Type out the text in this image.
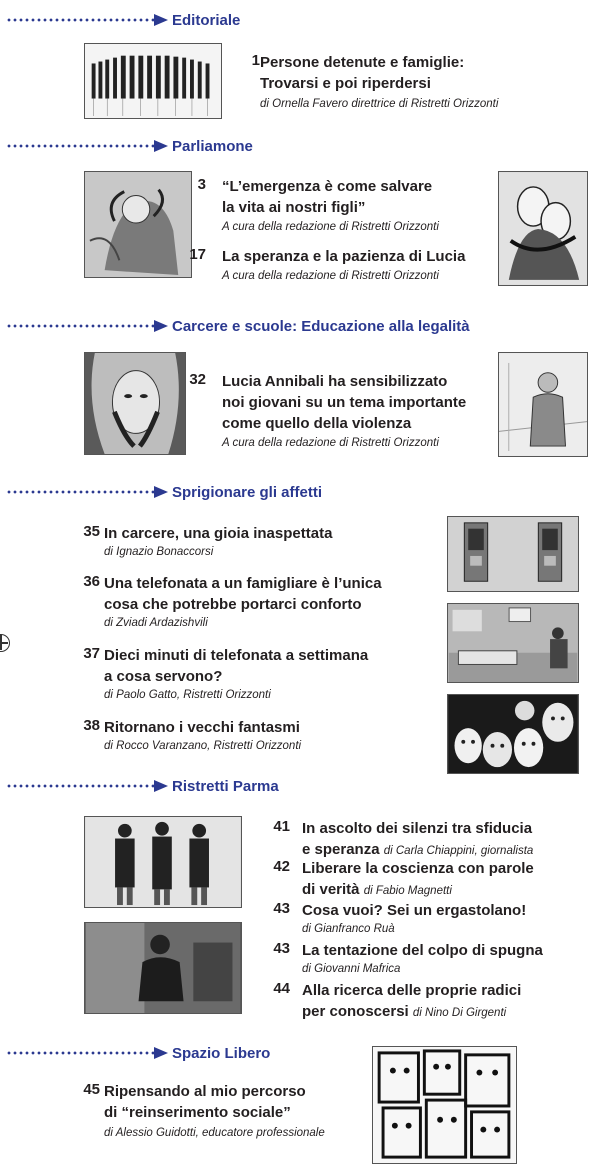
Editoriale
1 Persone detenute e famiglie:
Trovarsi e poi riperdersi
di Ornella Favero direttrice di Ristretti Orizzonti
Parliamone
3 “L’emergenza è come salvare
la vita ai nostri figli”
A cura della redazione di Ristretti Orizzonti
17 La speranza e la pazienza di Lucia
A cura della redazione di Ristretti Orizzonti
Carcere e scuole: Educazione alla legalità
32 Lucia Annibali ha sensibilizzato
noi giovani su un tema importante
come quello della violenza
A cura della redazione di Ristretti Orizzonti
Sprigionare gli affetti
35 In carcere, una gioia inaspettata
di Ignazio Bonaccorsi
36 Una telefonata a un famigliare è l’unica
cosa che potrebbe portarci conforto
di Zviadi Ardazishvili
37 Dieci minuti di telefonata a settimana
a cosa servono?
di Paolo Gatto, Ristretti Orizzonti
38 Ritornano i vecchi fantasmi
di Rocco Varanzano, Ristretti Orizzonti
Ristretti Parma
41 In ascolto dei silenzi tra sfiducia
e speranza di Carla Chiappini, giornalista
42 Liberare la coscienza con parole
di verità di Fabio Magnetti
43 Cosa vuoi? Sei un ergastolano!
di Gianfranco Ruà
43 La tentazione del colpo di spugna
di Giovanni Mafrica
44 Alla ricerca delle proprie radici
per conoscersi di Nino Di Girgenti
Spazio Libero
45 Ripensando al mio percorso
di “reinserimento sociale”
di Alessio Guidotti, educatore professionale
